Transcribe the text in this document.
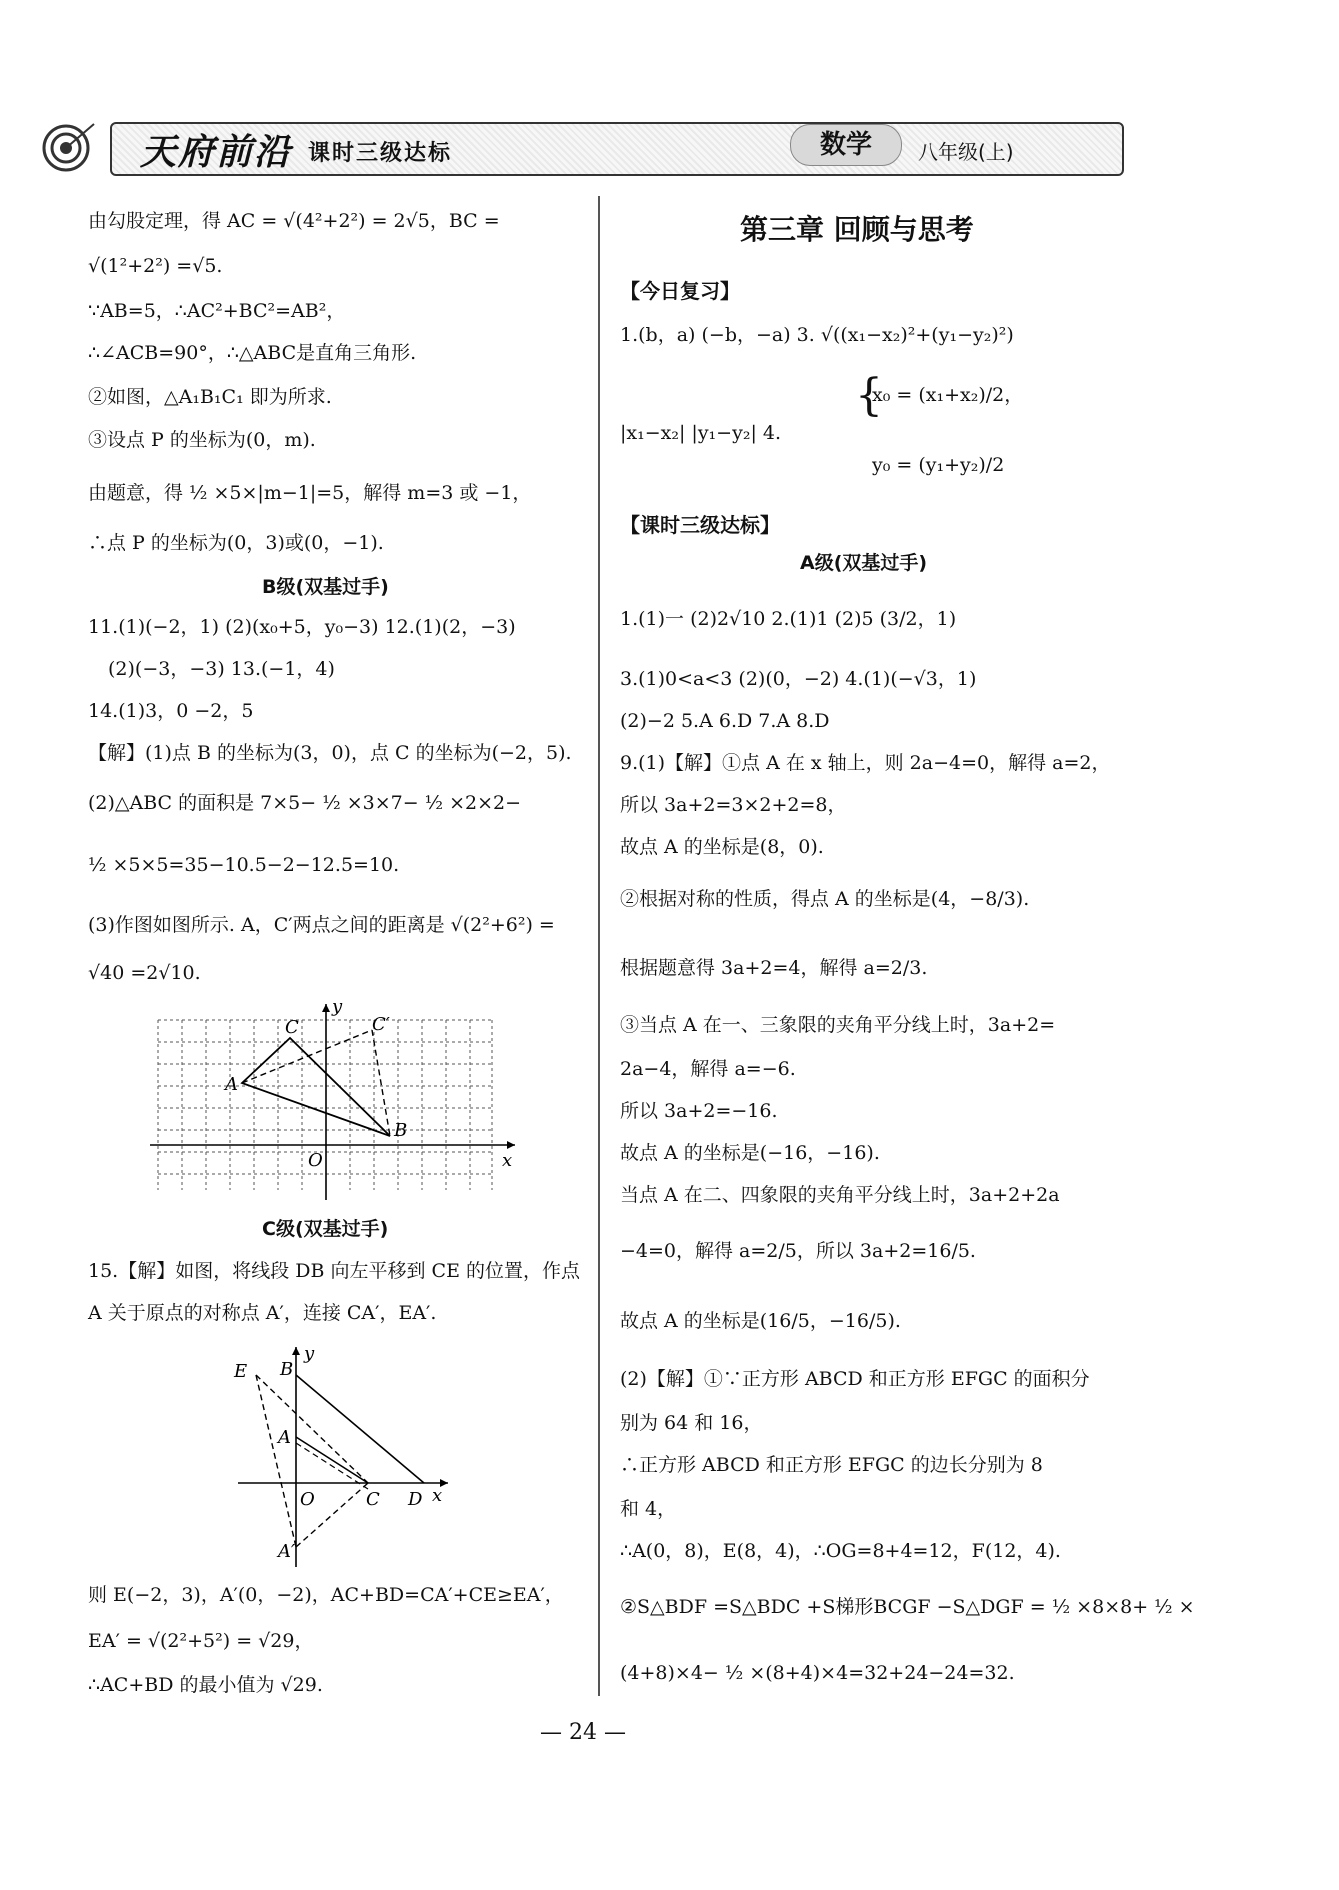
天府前沿 课时三级达标	数学	八年级(上)
由勾股定理，得 AC = √(4²+2²) = 2√5，BC =
√(1²+2²) =√5.
∵AB=5，∴AC²+BC²=AB²，
∴∠ACB=90°，∴△ABC是直角三角形.
②如图，△A₁B₁C₁ 即为所求.
③设点 P 的坐标为(0，m).
由题意，得 ½ ×5×|m−1|=5，解得 m=3 或 −1，
∴点 P 的坐标为(0，3)或(0，−1).
B级(双基过手)
11.(1)(−2，1) (2)(x₀+5，y₀−3) 12.(1)(2，−3)
(2)(−3，−3) 13.(−1，4)
14.(1)3，0 −2，5
【解】(1)点 B 的坐标为(3，0)，点 C 的坐标为(−2，5).
(2)△ABC 的面积是 7×5− ½ ×3×7− ½ ×2×2−
½ ×5×5=35−10.5−2−12.5=10.
(3)作图如图所示. A，C′两点之间的距离是 √(2²+6²) =
√40 =2√10.
y
C	C′
A
B
O	x
C级(双基过手)
15.【解】如图，将线段 DB 向左平移到 CE 的位置，作点
A 关于原点的对称点 A′，连接 CA′，EA′.
E B
y
A
O	C D x
A′
则 E(−2，3)，A′(0，−2)，AC+BD=CA′+CE≥EA′，
EA′ = √(2²+5²) = √29，
∴AC+BD 的最小值为 √29.
第三章 回顾与思考
【今日复习】
1.(b，a) (−b，−a) 3. √((x₁−x₂)²+(y₁−y₂)²)
|x₁−x₂| |y₁−y₂| 4.
{
x₀ = (x₁+x₂)/2，
y₀ = (y₁+y₂)/2
【课时三级达标】
A级(双基过手)
1.(1)一 (2)2√10 2.(1)1 (2)5 (3/2，1)
3.(1)0<a<3 (2)(0，−2) 4.(1)(−√3，1)
(2)−2 5.A 6.D 7.A 8.D
9.(1)【解】①点 A 在 x 轴上，则 2a−4=0，解得 a=2，
所以 3a+2=3×2+2=8，
故点 A 的坐标是(8，0).
②根据对称的性质，得点 A 的坐标是(4，−8/3).
根据题意得 3a+2=4，解得 a=2/3.
③当点 A 在一、三象限的夹角平分线上时，3a+2=
2a−4，解得 a=−6.
所以 3a+2=−16.
故点 A 的坐标是(−16，−16).
当点 A 在二、四象限的夹角平分线上时，3a+2+2a
−4=0，解得 a=2/5，所以 3a+2=16/5.
故点 A 的坐标是(16/5，−16/5).
(2)【解】①∵正方形 ABCD 和正方形 EFGC 的面积分
别为 64 和 16，
∴正方形 ABCD 和正方形 EFGC 的边长分别为 8
和 4，
∴A(0，8)，E(8，4)，∴OG=8+4=12，F(12，4).
②S△BDF =S△BDC +S梯形BCGF −S△DGF = ½ ×8×8+ ½ ×
(4+8)×4− ½ ×(8+4)×4=32+24−24=32.
— 24 —
